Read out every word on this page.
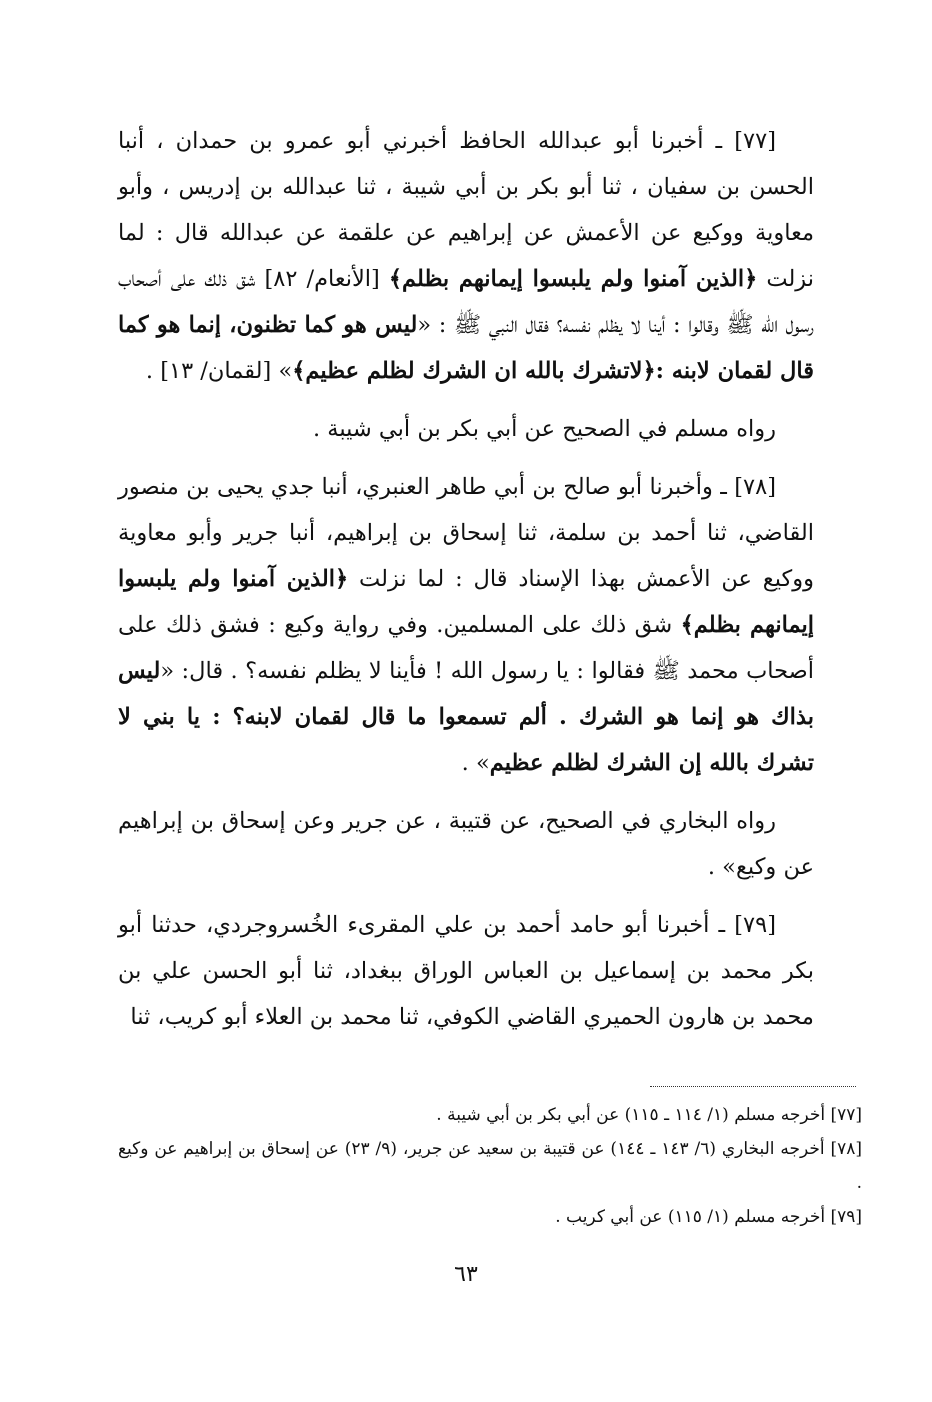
[٧٧] ـ أخبرنا أبو عبدالله الحافظ أخبرني أبو عمرو بن حمدان ، أنبا الحسن بن سفيان ، ثنا أبو بكر بن أبي شيبة ، ثنا عبدالله بن إدريس ، وأبو معاوية ووكيع عن الأعمش عن إبراهيم عن علقمة عن عبدالله قال : لما نزلت ﴿الذين آمنوا ولم يلبسوا إيمانهم بظلم﴾ [الأنعام/ ٨٢] شق ذلك على أصحاب رسول الله ﷺ وقالوا : أينا لا يظلم نفسه؟ فقال النبي ﷺ : «ليس هو كما تظنون، إنما هو كما قال لقمان لابنه :﴿لاتشرك بالله ان الشرك لظلم عظيم﴾» [لقمان/ ١٣] .

رواه مسلم في الصحيح عن أبي بكر بن أبي شيبة .

[٧٨] ـ وأخبرنا أبو صالح بن أبي طاهر العنبري، أنبا جدي يحيى بن منصور القاضي، ثنا أحمد بن سلمة، ثنا إسحاق بن إبراهيم، أنبا جرير وأبو معاوية ووكيع عن الأعمش بهذا الإسناد قال : لما نزلت ﴿الذين آمنوا ولم يلبسوا إيمانهم بظلم﴾ شق ذلك على المسلمين. وفي رواية وكيع : فشق ذلك على أصحاب محمد ﷺ فقالوا : يا رسول الله ! فأينا لا يظلم نفسه؟ . قال: «ليس بذاك هو إنما هو الشرك . ألم تسمعوا ما قال لقمان لابنه؟ : يا بني لا تشرك بالله إن الشرك لظلم عظيم» .

رواه البخاري في الصحيح، عن قتيبة ، عن جرير وعن إسحاق بن إبراهيم عن وكيع» .

[٧٩] ـ أخبرنا أبو حامد أحمد بن علي المقرىء الخُسروجردي، حدثنا أبو بكر محمد بن إسماعيل بن العباس الوراق ببغداد، ثنا أبو الحسن علي بن محمد بن هارون الحميري القاضي الكوفي، ثنا محمد بن العلاء أبو كريب، ثنا

[٧٧] أخرجه مسلم (١/ ١١٤ ـ ١١٥) عن أبي بكر بن أبي شيبة .

[٧٨] أخرجه البخاري (٦/ ١٤٣ ـ ١٤٤) عن قتيبة بن سعيد عن جرير، (٩/ ٢٣) عن إسحاق بن إبراهيم عن وكيع .

[٧٩] أخرجه مسلم (١/ ١١٥) عن أبي كريب .

٦٣
